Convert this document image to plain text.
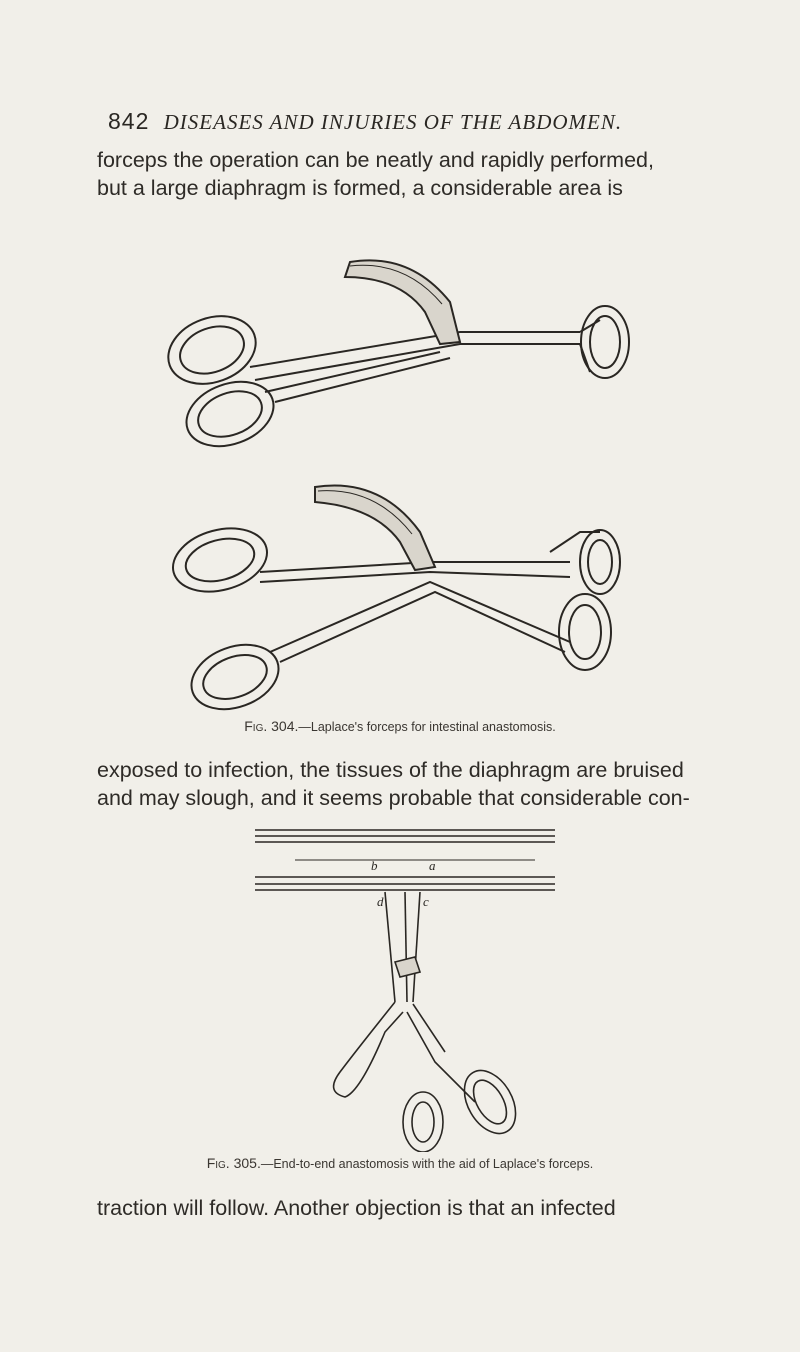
842 DISEASES AND INJURIES OF THE ABDOMEN.
forceps the operation can be neatly and rapidly performed,
but a large diaphragm is formed, a considerable area is
Fig. 304.—Laplace's forceps for intestinal anastomosis.
exposed to infection, the tissues of the diaphragm are bruised
and may slough, and it seems probable that considerable con-
b	a
d	c
Fig. 305.—End-to-end anastomosis with the aid of Laplace's forceps.
traction will follow. Another objection is that an infected
